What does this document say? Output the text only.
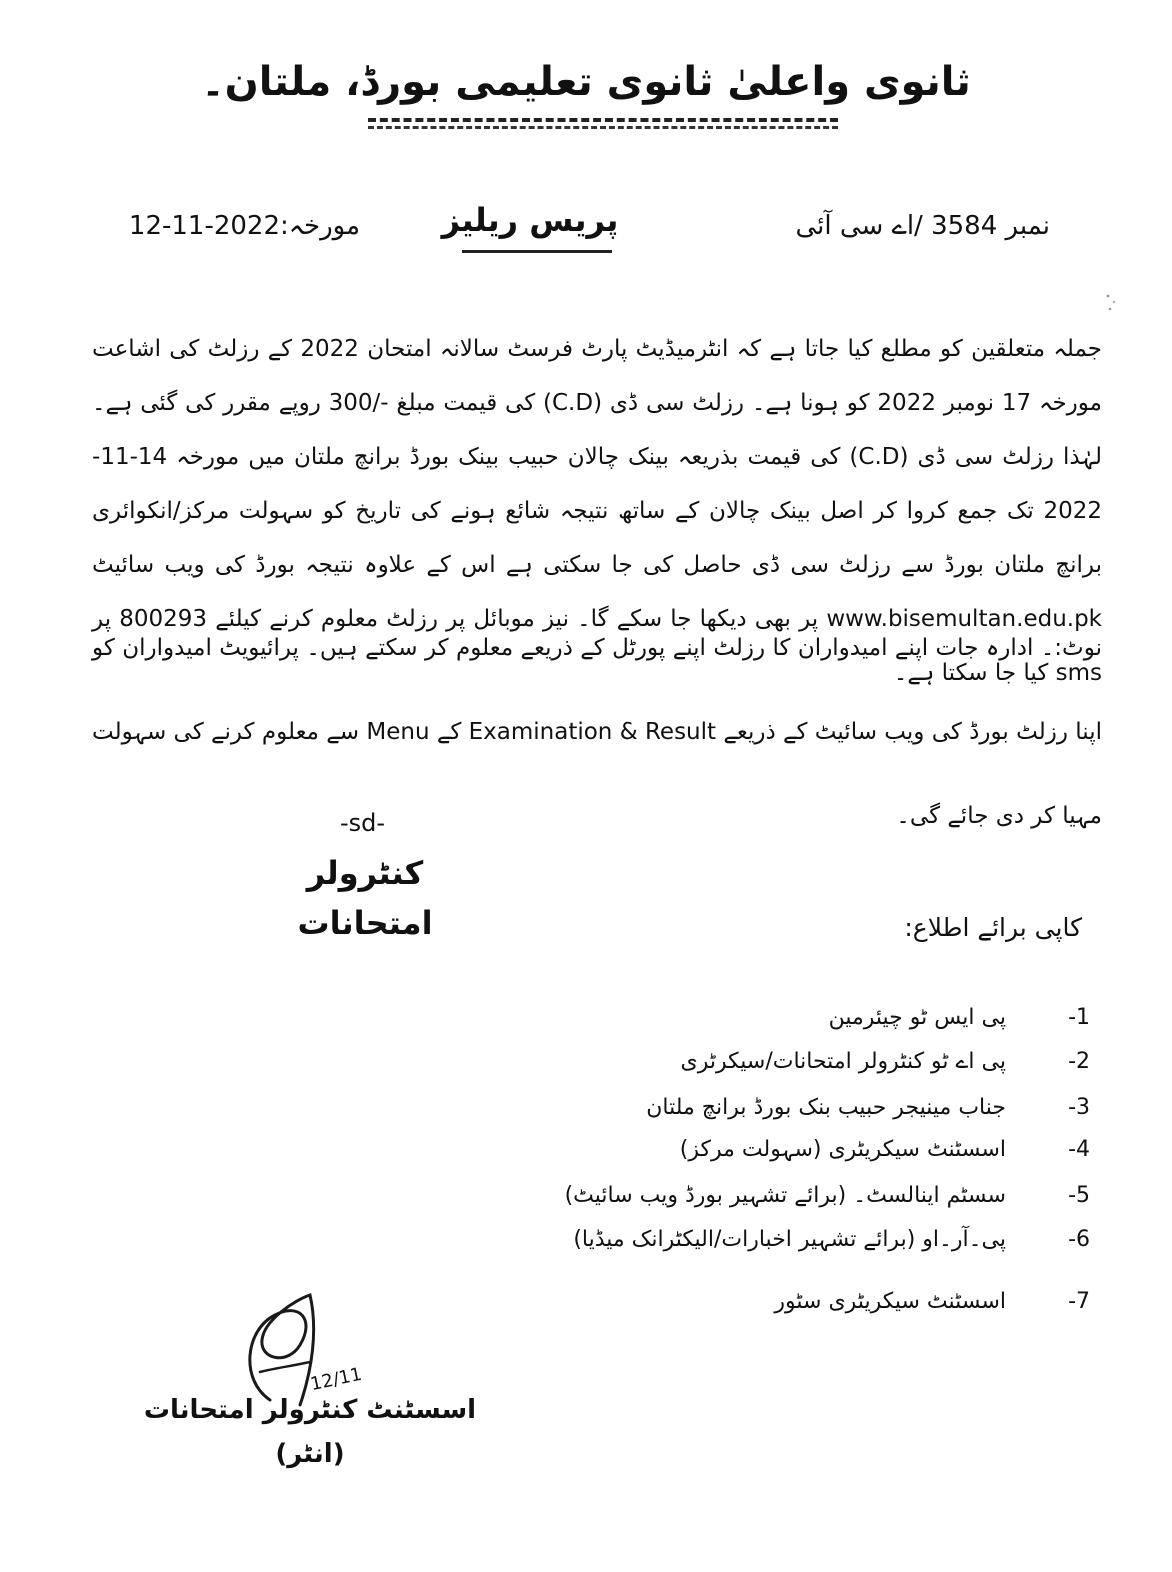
ثانوی واعلیٰ ثانوی تعلیمی بورڈ، ملتان۔
مورخہ:12-11-2022	پریس ریلیز	نمبر 3584 /اے سی آئی
جملہ متعلقین کو مطلع کیا جاتا ہے کہ انٹرمیڈیٹ پارٹ فرسٹ سالانہ امتحان 2022 کے رزلٹ کی اشاعت مورخہ 17 نومبر 2022 کو ہونا ہے۔ رزلٹ سی ڈی (C.D) کی قیمت مبلغ -/300 روپے مقرر کی گئی ہے۔ لہٰذا رزلٹ سی ڈی (C.D) کی قیمت بذریعہ بینک چالان حبیب بینک بورڈ برانچ ملتان میں مورخہ 14-11-2022 تک جمع کروا کر اصل بینک چالان کے ساتھ نتیجہ شائع ہونے کی تاریخ کو سہولت مرکز/انکوائری برانچ ملتان بورڈ سے رزلٹ سی ڈی حاصل کی جا سکتی ہے اس کے علاوہ نتیجہ بورڈ کی ویب سائیٹ www.bisemultan.edu.pk پر بھی دیکھا جا سکے گا۔ نیز موبائل پر رزلٹ معلوم کرنے کیلئے 800293 پر sms کیا جا سکتا ہے۔
نوٹ:۔ ادارہ جات اپنے امیدواران کا رزلٹ اپنے پورٹل کے ذریعے معلوم کر سکتے ہیں۔ پرائیویٹ امیدواران کو اپنا رزلٹ بورڈ کی ویب سائیٹ کے ذریعے Examination & Result کے Menu سے معلوم کرنے کی سہولت مہیا کر دی جائے گی۔
-sd-
کنٹرولر امتحانات	کاپی برائے اطلاع:
-1
پی ایس ٹو چیئرمین
-2
پی اے ٹو کنٹرولر امتحانات/سیکرٹری
-3
جناب مینیجر حبیب بنک بورڈ برانچ ملتان
-4
اسسٹنٹ سیکریٹری (سہولت مرکز)
-5
سسٹم اینالسٹ۔ (برائے تشہیر بورڈ ویب سائیٹ)
-6
پی۔آر۔او (برائے تشہیر اخبارات/الیکٹرانک میڈیا)
-7
اسسٹنٹ سیکریٹری سٹور
12/11
اسسٹنٹ کنٹرولر امتحانات (انٹر)
